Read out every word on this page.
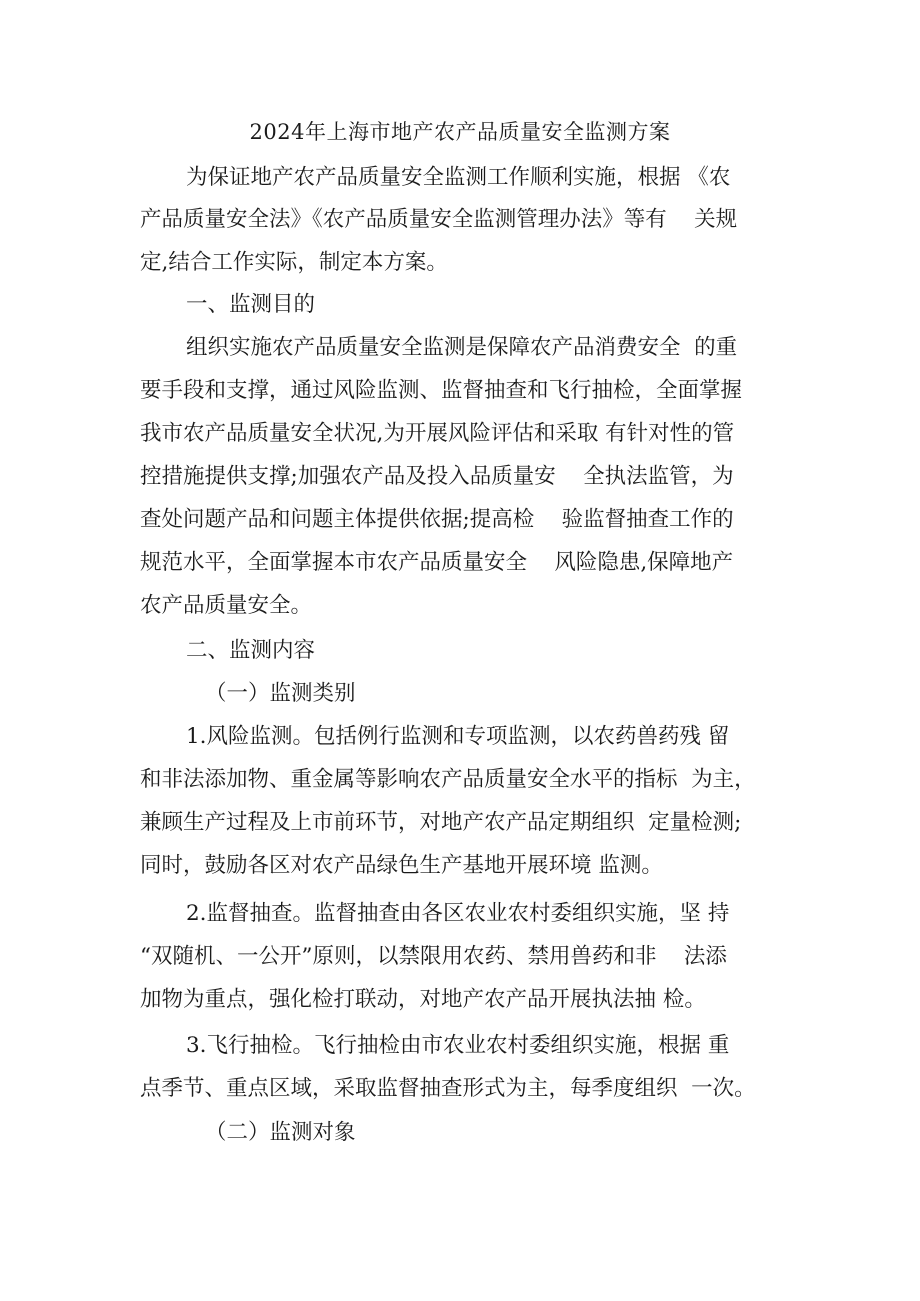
2024年上海市地产农产品质量安全监测方案
为保证地产农产品质量安全监测工作顺利实施，根据 《农
产品质量安全法》《农产品质量安全监测管理办法》等有    关规
定,结合工作实际，制定本方案。
一、监测目的
组织实施农产品质量安全监测是保障农产品消费安全  的重
要手段和支撑，通过风险监测、监督抽查和飞行抽检，全面掌握
我市农产品质量安全状况,为开展风险评估和采取 有针对性的管
控措施提供支撑;加强农产品及投入品质量安    全执法监管，为
查处问题产品和问题主体提供依据;提高检    验监督抽查工作的
规范水平，全面掌握本市农产品质量安全    风险隐患,保障地产
农产品质量安全。
二、监测内容
（一）监测类别
1.风险监测。包括例行监测和专项监测，以农药兽药残 留
和非法添加物、重金属等影响农产品质量安全水平的指标  为主，
兼顾生产过程及上市前环节，对地产农产品定期组织  定量检测;
同时，鼓励各区对农产品绿色生产基地开展环境 监测。
2.监督抽查。监督抽查由各区农业农村委组织实施，坚 持
“双随机、一公开”原则，以禁限用农药、禁用兽药和非    法添
加物为重点，强化检打联动，对地产农产品开展执法抽 检。
3.飞行抽检。飞行抽检由市农业农村委组织实施，根据 重
点季节、重点区域，采取监督抽查形式为主，每季度组织  一次。
（二）监测对象
